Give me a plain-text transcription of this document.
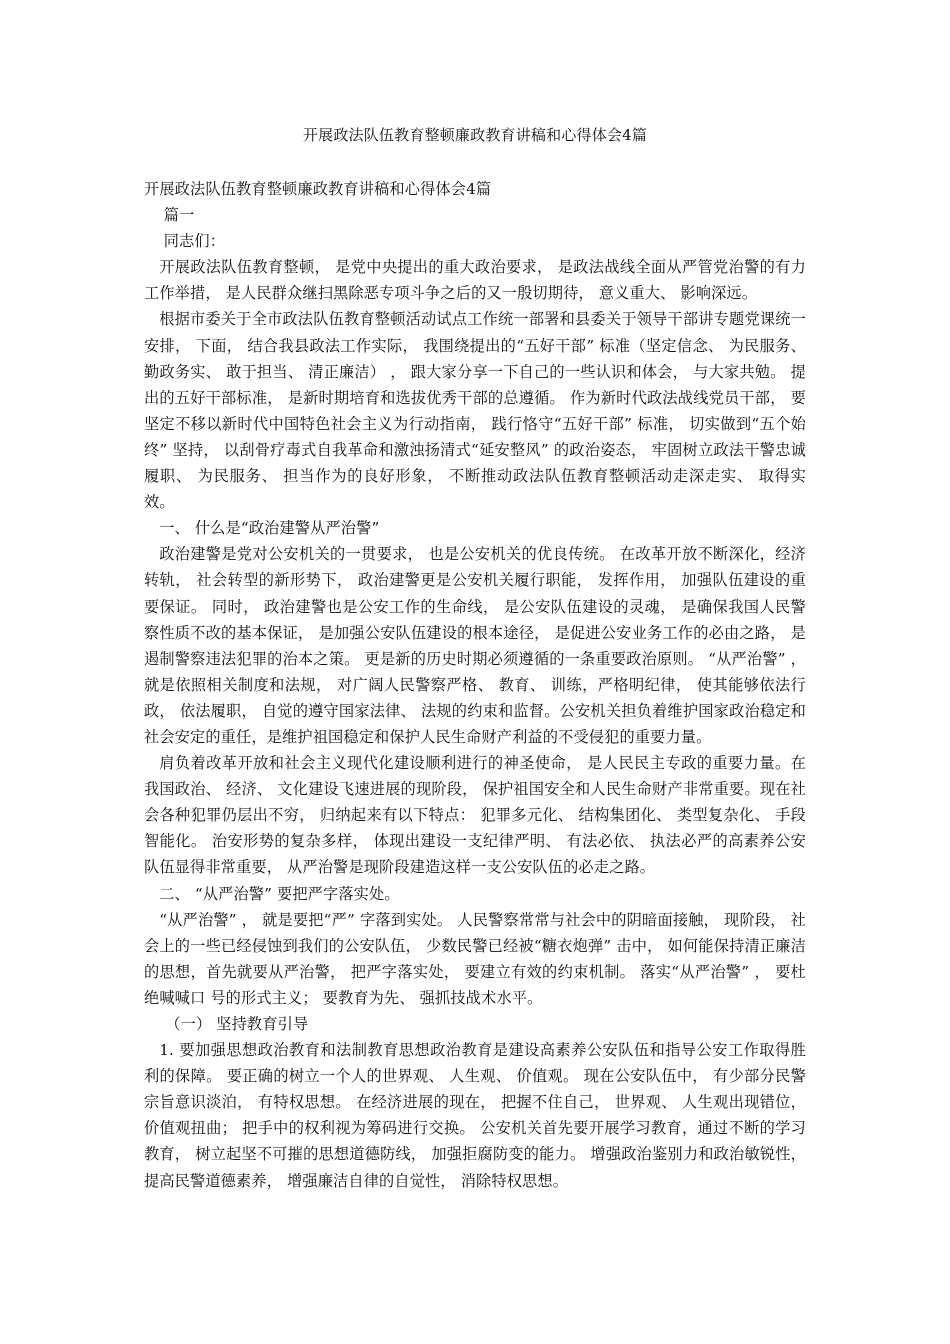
开展政法队伍教育整顿廉政教育讲稿和心得体会4篇

开展政法队伍教育整顿廉政教育讲稿和心得体会4篇

篇一

同志们：

开展政法队伍教育整顿， 是党中央提出的重大政治要求， 是政法战线全面从严管党治警的有力工作举措， 是人民群众继扫黑除恶专项斗争之后的又一殷切期待， 意义重大、 影响深远。

根据市委关于全市政法队伍教育整顿活动试点工作统一部署和县委关于领导干部讲专题党课统一安排， 下面， 结合我县政法工作实际， 我围绕提出的“五好干部” 标准（坚定信念、 为民服务、 勤政务实、 敢于担当、 清正廉洁） ， 跟大家分享一下自己的一些认识和体会， 与大家共勉。 提出的五好干部标准， 是新时期培育和选拔优秀干部的总遵循。 作为新时代政法战线党员干部， 要坚定不移以新时代中国特色社会主义为行动指南， 践行恪守“五好干部” 标准， 切实做到“五个始终” 坚持， 以刮骨疗毒式自我革命和激浊扬清式“延安整风” 的政治姿态， 牢固树立政法干警忠诚履职、 为民服务、 担当作为的良好形象， 不断推动政法队伍教育整顿活动走深走实、 取得实效。

一、 什么是“政治建警从严治警”

政治建警是党对公安机关的一贯要求， 也是公安机关的优良传统。 在改革开放不断深化，经济转轨， 社会转型的新形势下， 政治建警更是公安机关履行职能， 发挥作用， 加强队伍建设的重要保证。 同时， 政治建警也是公安工作的生命线， 是公安队伍建设的灵魂， 是确保我国人民警察性质不改的基本保证， 是加强公安队伍建设的根本途径， 是促进公安业务工作的必由之路， 是遏制警察违法犯罪的治本之策。 更是新的历史时期必须遵循的一条重要政治原则。 “从严治警” ， 就是依照相关制度和法规， 对广阔人民警察严格、 教育、 训练，严格明纪律， 使其能够依法行政， 依法履职， 自觉的遵守国家法律、 法规的约束和监督。公安机关担负着维护国家政治稳定和社会安定的重任，是维护祖国稳定和保护人民生命财产利益的不受侵犯的重要力量。

肩负着改革开放和社会主义现代化建设顺利进行的神圣使命， 是人民民主专政的重要力量。在我国政治、 经济、 文化建设飞速进展的现阶段， 保护祖国安全和人民生命财产非常重要。现在社会各种犯罪仍层出不穷， 归纳起来有以下特点： 犯罪多元化、 结构集团化、 类型复杂化、 手段智能化。 治安形势的复杂多样， 体现出建设一支纪律严明、 有法必依、 执法必严的高素养公安队伍显得非常重要， 从严治警是现阶段建造这样一支公安队伍的必走之路。

二、 “从严治警” 要把严字落实处。

“从严治警” ， 就是要把“严” 字落到实处。 人民警察常常与社会中的阴暗面接触， 现阶段， 社会上的一些已经侵蚀到我们的公安队伍， 少数民警已经被“糖衣炮弹” 击中， 如何能保持清正廉洁的思想，首先就要从严治警， 把严字落实处， 要建立有效的约束机制。 落实“从严治警” ， 要杜绝喊喊口 号的形式主义； 要教育为先、 强抓技战术水平。

（一） 坚持教育引导

1. 要加强思想政治教育和法制教育思想政治教育是建设高素养公安队伍和指导公安工作取得胜利的保障。 要正确的树立一个人的世界观、 人生观、 价值观。 现在公安队伍中， 有少部分民警宗旨意识淡泊， 有特权思想。 在经济进展的现在， 把握不住自己， 世界观、 人生观出现错位， 价值观扭曲； 把手中的权利视为筹码进行交换。 公安机关首先要开展学习教育，通过不断的学习教育， 树立起坚不可摧的思想道德防线， 加强拒腐防变的能力。 增强政治鉴别力和政治敏锐性，提高民警道德素养， 增强廉洁自律的自觉性， 消除特权思想。
